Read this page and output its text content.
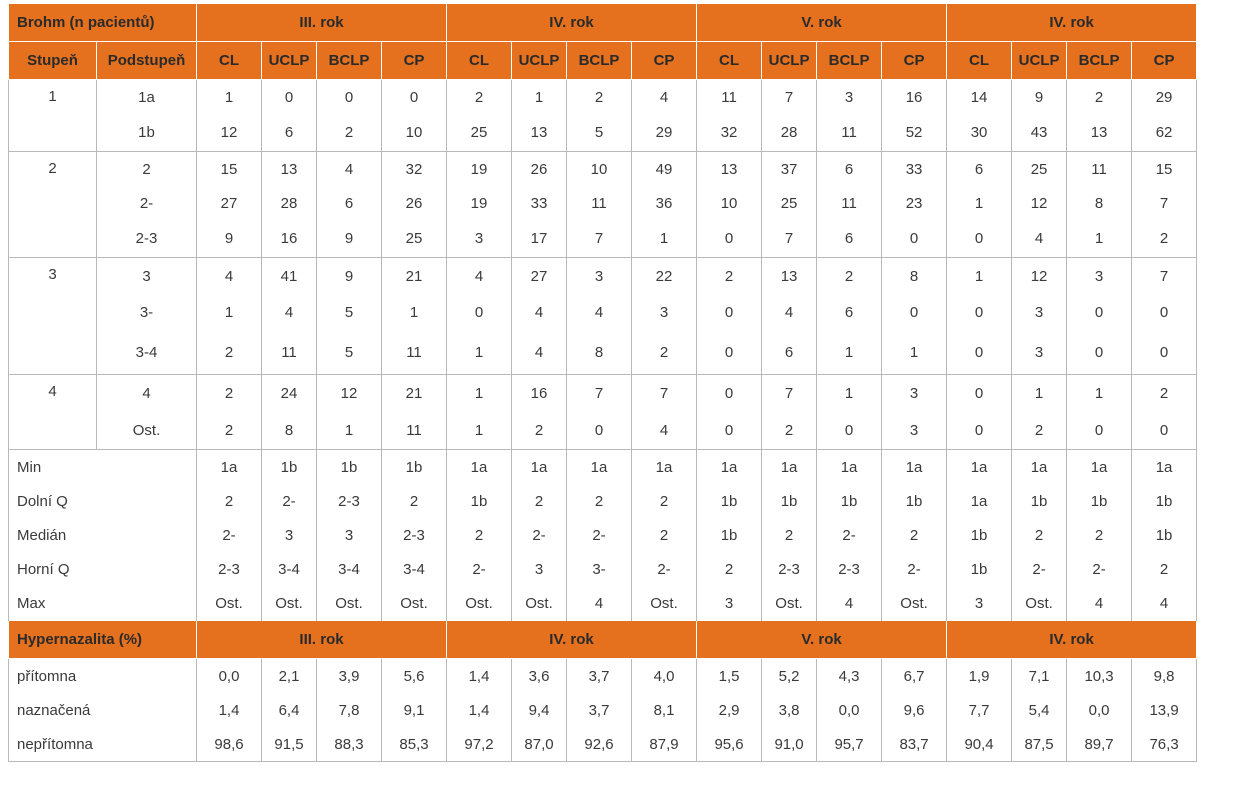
Brohm (n pacientů)		III. rok				IV. rok				V. rok				IV. rok			
Stupeň	Podstupeň	CL	UCLP	BCLP	CP	CL	UCLP	BCLP	CP	CL	UCLP	BCLP	CP	CL	UCLP	BCLP	CP
1	1a	1	0	0	0	2	1	2	4	11	7	3	16	14	9	2	29
	1b	12	6	2	10	25	13	5	29	32	28	11	52	30	43	13	62
2	2	15	13	4	32	19	26	10	49	13	37	6	33	6	25	11	15
	2-	27	28	6	26	19	33	11	36	10	25	11	23	1	12	8	7
	2-3	9	16	9	25	3	17	7	1	0	7	6	0	0	4	1	2
3	3	4	41	9	21	4	27	3	22	2	13	2	8	1	12	3	7
	3-	1	4	5	1	0	4	4	3	0	4	6	0	0	3	0	0
	3-4	2	11	5	11	1	4	8	2	0	6	1	1	0	3	0	0
4	4	2	24	12	21	1	16	7	7	0	7	1	3	0	1	1	2
	Ost.	2	8	1	11	1	2	0	4	0	2	0	3	0	2	0	0
Min		1a	1b	1b	1b	1a	1a	1a	1a	1a	1a	1a	1a	1a	1a	1a	1a
Dolní Q		2	2-	2-3	2	1b	2	2	2	1b	1b	1b	1b	1a	1b	1b	1b
Medián		2-	3	3	2-3	2	2-	2-	2	1b	2	2-	2	1b	2	2	1b
Horní Q		2-3	3-4	3-4	3-4	2-	3	3-	2-	2	2-3	2-3	2-	1b	2-	2-	2
Max		Ost.	Ost.	Ost.	Ost.	Ost.	Ost.	4	Ost.	3	Ost.	4	Ost.	3	Ost.	4	4
Hypernazalita (%)		III. rok				IV. rok				V. rok				IV. rok			
přítomna		0,0	2,1	3,9	5,6	1,4	3,6	3,7	4,0	1,5	5,2	4,3	6,7	1,9	7,1	10,3	9,8
naznačená		1,4	6,4	7,8	9,1	1,4	9,4	3,7	8,1	2,9	3,8	0,0	9,6	7,7	5,4	0,0	13,9
nepřítomna		98,6	91,5	88,3	85,3	97,2	87,0	92,6	87,9	95,6	91,0	95,7	83,7	90,4	87,5	89,7	76,3
